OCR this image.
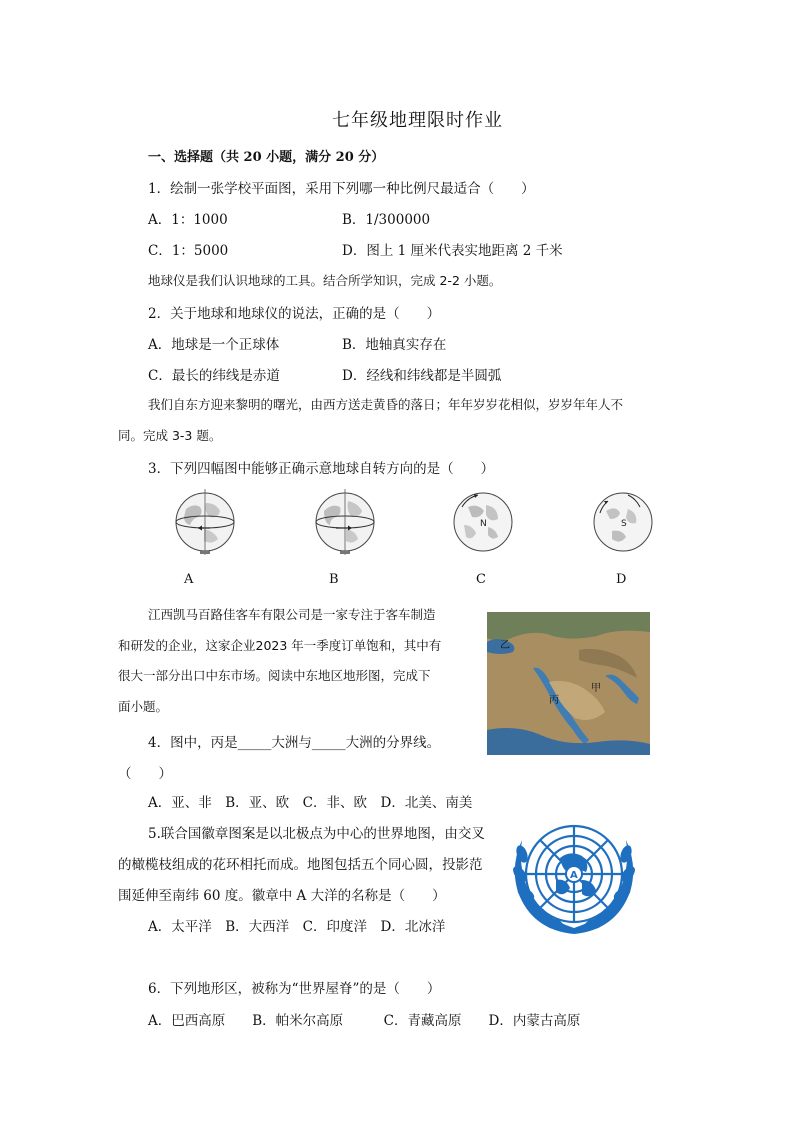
七年级地理限时作业
一、选择题（共 20 小题，满分 20 分）
1．绘制一张学校平面图，采用下列哪一种比例尺最适合（　　）
A．1：1000	B．1/300000
C．1：5000	D．图上 1 厘米代表实地距离 2 千米
地球仪是我们认识地球的工具。结合所学知识，完成 2-2 小题。
2．关于地球和地球仪的说法，正确的是（　　）
A．地球是一个正球体	B．地轴真实存在
C．最长的纬线是赤道	D．经线和纬线都是半圆弧
我们自东方迎来黎明的曙光，由西方送走黄昏的落日；年年岁岁花相似，岁岁年年人不
同。完成 3-3 题。
3．下列四幅图中能够正确示意地球自转方向的是（　　）
N	S
A	B	C	D
江西凯马百路佳客车有限公司是一家专注于客车制造
和研发的企业，这家企业2023 年一季度订单饱和，其中有
很大一部分出口中东市场。阅读中东地区地形图，完成下
面小题。
乙
甲
丙
4．图中，丙是_____大洲与_____大洲的分界线。
（　　）
A．亚、非　B．亚、欧　C．非、欧　D．北美、南美
5.联合国徽章图案是以北极点为中心的世界地图，由交叉
的橄榄枝组成的花环相托而成。地图包括五个同心圆，投影范
围延伸至南纬 60 度。徽章中 A 大洋的名称是（　　）
A．太平洋　B．大西洋　C．印度洋　D．北冰洋
A
6．下列地形区，被称为“世界屋脊”的是（　　）
A．巴西高原　　B．帕米尔高原　　　C．青藏高原　　D．内蒙古高原
